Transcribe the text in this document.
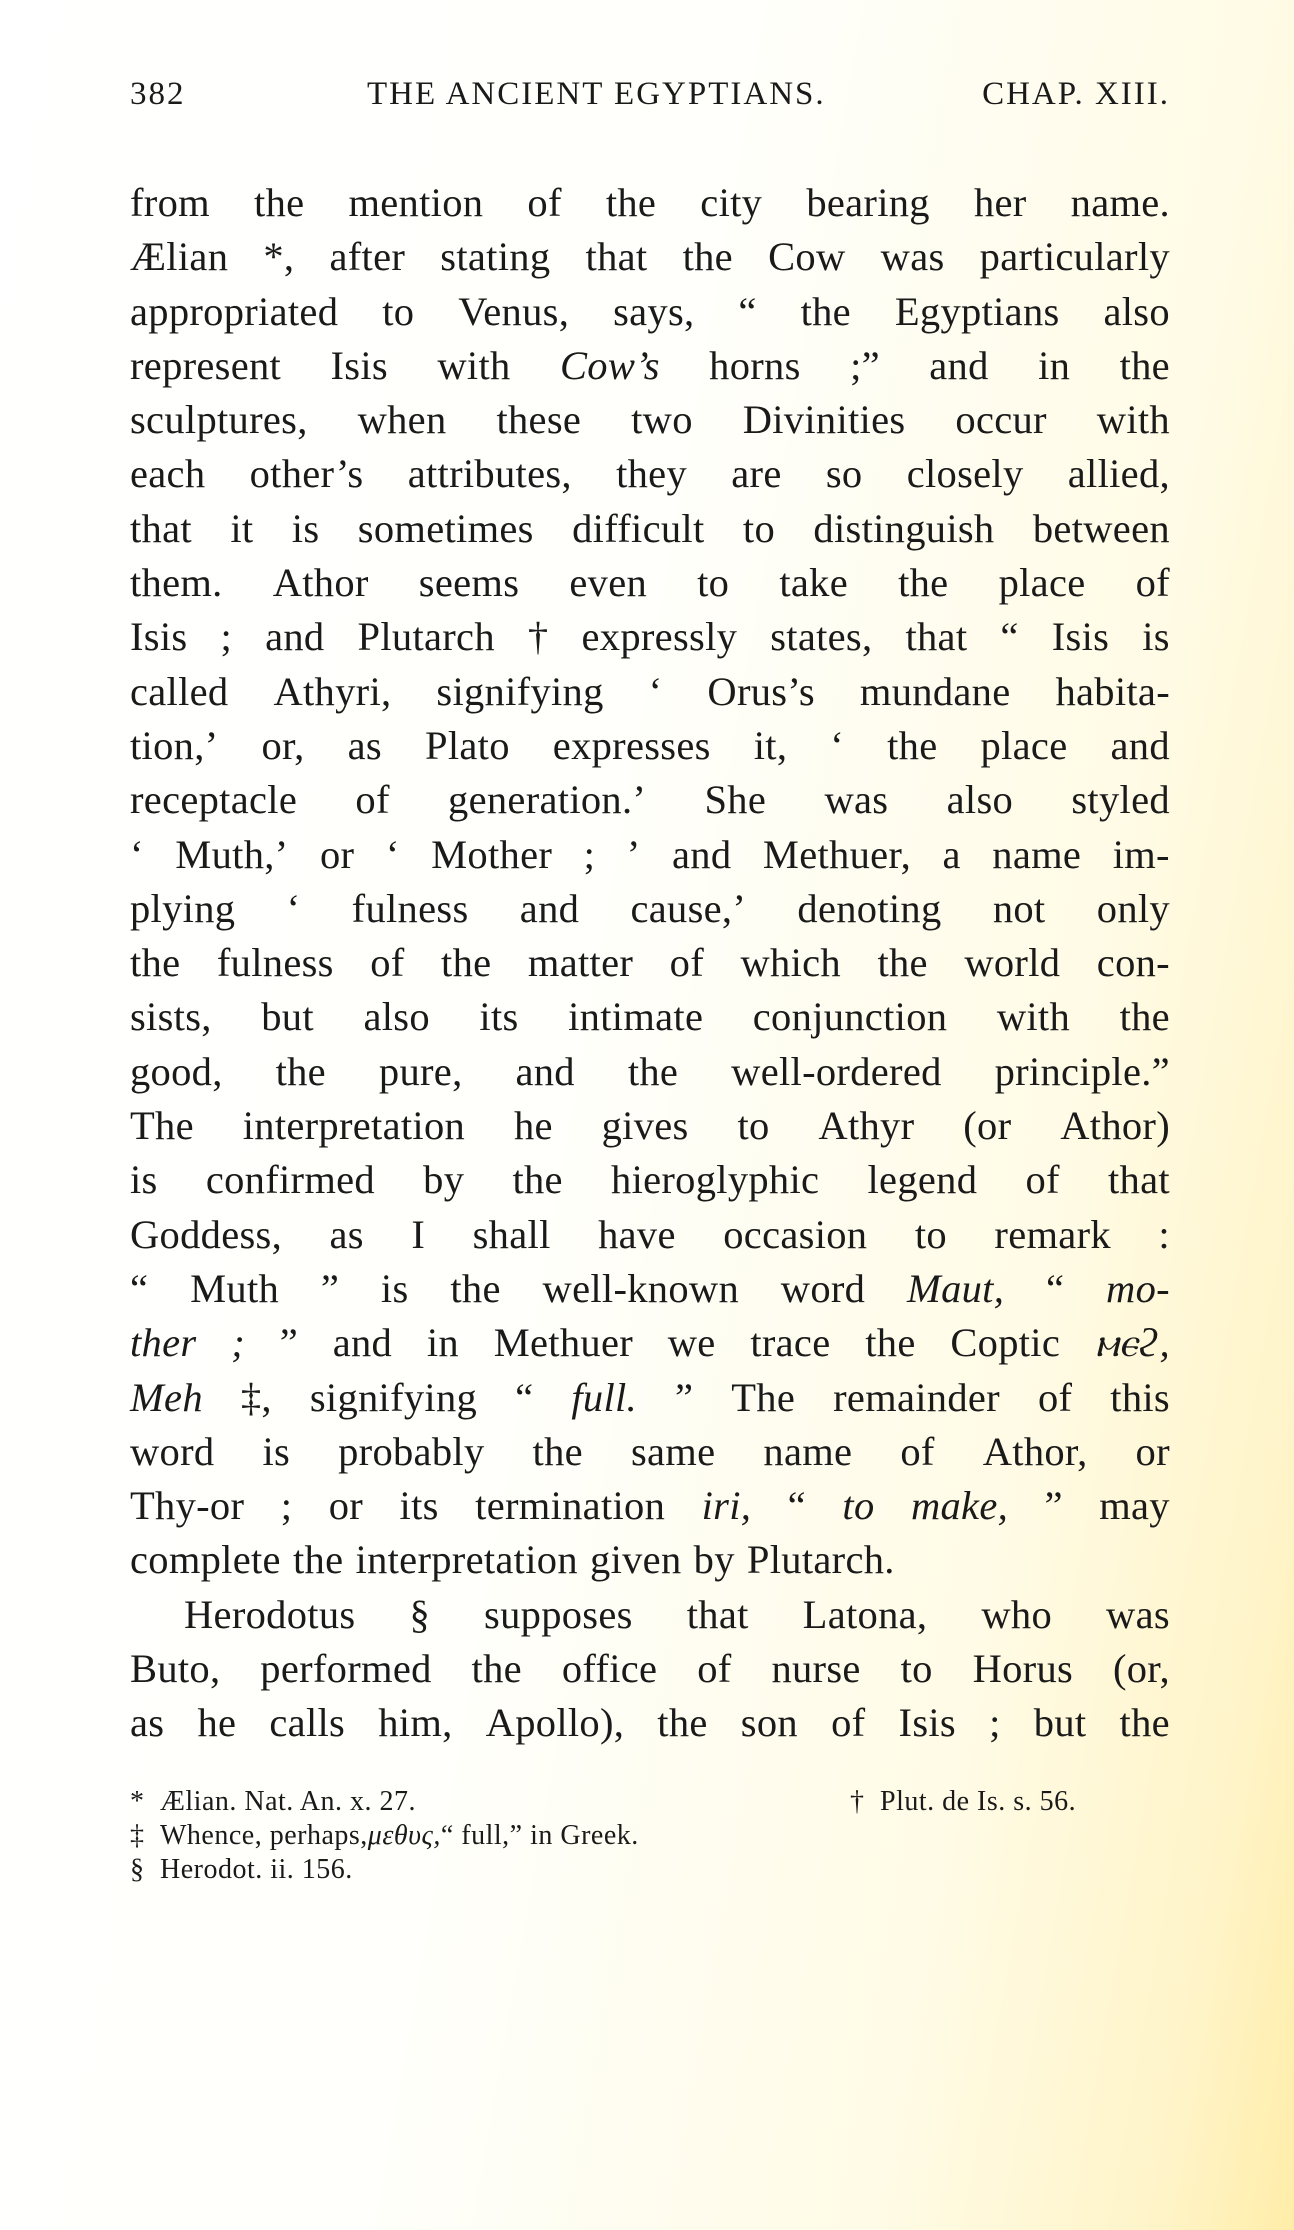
382	THE ANCIENT EGYPTIANS.	CHAP. XIII.
from the mention of the city bearing her name.
Ælian *, after stating that the Cow was particularly
appropriated to Venus, says, “ the Egyptians also
represent Isis with Cow’s horns ;” and in the
sculptures, when these two Divinities occur with
each other’s attributes, they are so closely allied,
that it is sometimes difficult to distinguish between
them. Athor seems even to take the place of
Isis ; and Plutarch † expressly states, that “ Isis is
called Athyri, signifying ‘ Orus’s mundane habita-
tion,’ or, as Plato expresses it, ‘ the place and
receptacle of generation.’ She was also styled
‘ Muth,’ or ‘ Mother ; ’ and Methuer, a name im-
plying ‘ fulness and cause,’ denoting not only
the fulness of the matter of which the world con-
sists, but also its intimate conjunction with the
good, the pure, and the well-ordered principle.”
The interpretation he gives to Athyr (or Athor)
is confirmed by the hieroglyphic legend of that
Goddess, as I shall have occasion to remark :
“ Muth ” is the well-known word Maut, “ mo-
ther ; ” and in Methuer we trace the Coptic ⲙⲉϩ,
Meh ‡, signifying “ full. ” The remainder of this
word is probably the same name of Athor, or
Thy-or ; or its termination iri, “ to make, ” may
complete the interpretation given by Plutarch.
Herodotus § supposes that Latona, who was
Buto, performed the office of nurse to Horus (or,
as he calls him, Apollo), the son of Isis ; but the
* Ælian. Nat. An. x. 27.	† Plut. de Is. s. 56.
‡ Whence, perhaps, μεθυς, “ full,” in Greek.
§ Herodot. ii. 156.
